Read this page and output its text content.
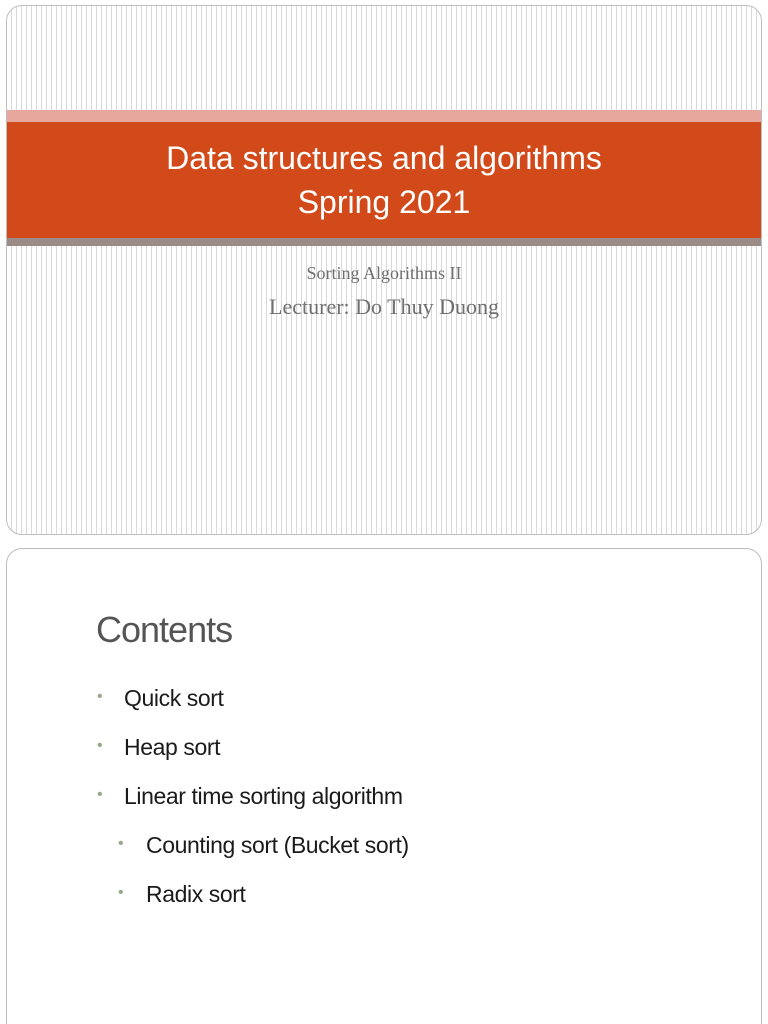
Data structures and algorithms
Spring 2021
Sorting Algorithms II
Lecturer: Do Thuy Duong
Contents
• Quick sort
• Heap sort
• Linear time sorting algorithm
• Counting sort (Bucket sort)
• Radix sort
